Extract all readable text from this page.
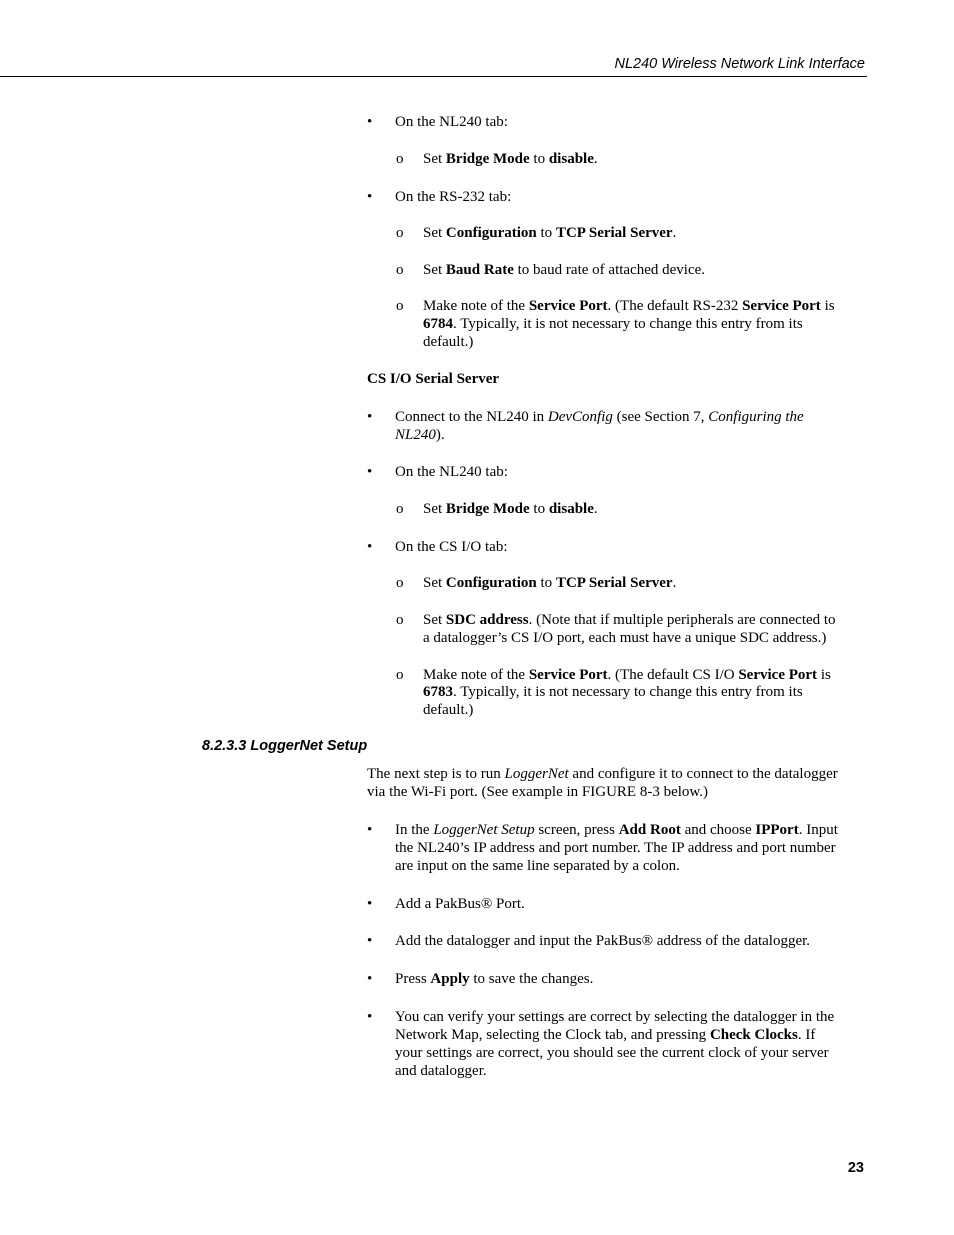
NL240 Wireless Network Link Interface
• On the NL240 tab:
o Set Bridge Mode to disable.
• On the RS-232 tab:
o Set Configuration to TCP Serial Server.
o Set Baud Rate to baud rate of attached device.
o Make note of the Service Port. (The default RS-232 Service Port is
6784. Typically, it is not necessary to change this entry from its
default.)
CS I/O Serial Server
• Connect to the NL240 in DevConfig (see Section 7, Configuring the
NL240).
• On the NL240 tab:
o Set Bridge Mode to disable.
• On the CS I/O tab:
o Set Configuration to TCP Serial Server.
o Set SDC address. (Note that if multiple peripherals are connected to
a datalogger’s CS I/O port, each must have a unique SDC address.)
o Make note of the Service Port. (The default CS I/O Service Port is
6783. Typically, it is not necessary to change this entry from its
default.)
8.2.3.3 LoggerNet Setup
The next step is to run LoggerNet and configure it to connect to the datalogger
via the Wi-Fi port. (See example in FIGURE 8-3 below.)
• In the LoggerNet Setup screen, press Add Root and choose IPPort. Input
the NL240’s IP address and port number. The IP address and port number
are input on the same line separated by a colon.
• Add a PakBus® Port.
• Add the datalogger and input the PakBus® address of the datalogger.
• Press Apply to save the changes.
• You can verify your settings are correct by selecting the datalogger in the
Network Map, selecting the Clock tab, and pressing Check Clocks. If
your settings are correct, you should see the current clock of your server
and datalogger.
23
